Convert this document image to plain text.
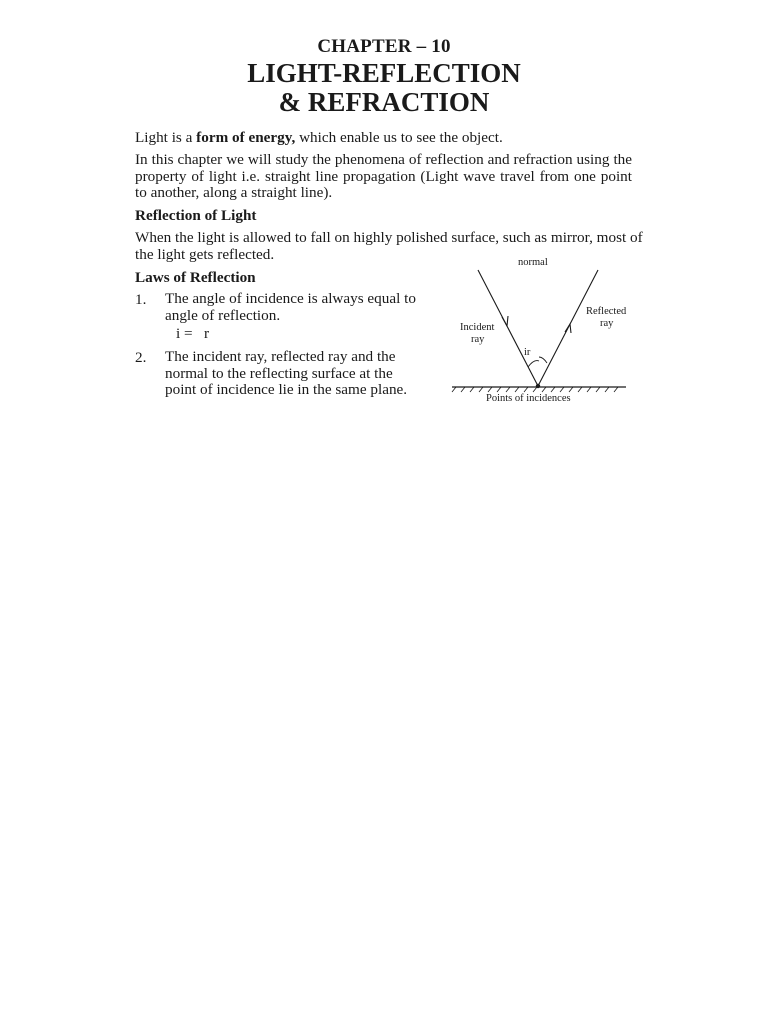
CHAPTER – 10
LIGHT-REFLECTION
& REFRACTION
Light is a form of energy, which enable us to see the object.
In this chapter we will study the phenomena of reflection and refraction using the property of light i.e. straight line propagation (Light wave travel from one point to another, along a straight line).
Reflection of Light
When the light is allowed to fall on highly polished surface, such as mirror, most of the light gets reflected.
Laws of Reflection
1. The angle of incidence is always equal to angle of reflection.
i =   r
2. The incident ray, reflected ray and the normal to the reflecting surface at the point of incidence lie in the same plane.
normal
Incident
ray
Reflected
ray
ir
Points of incidences
